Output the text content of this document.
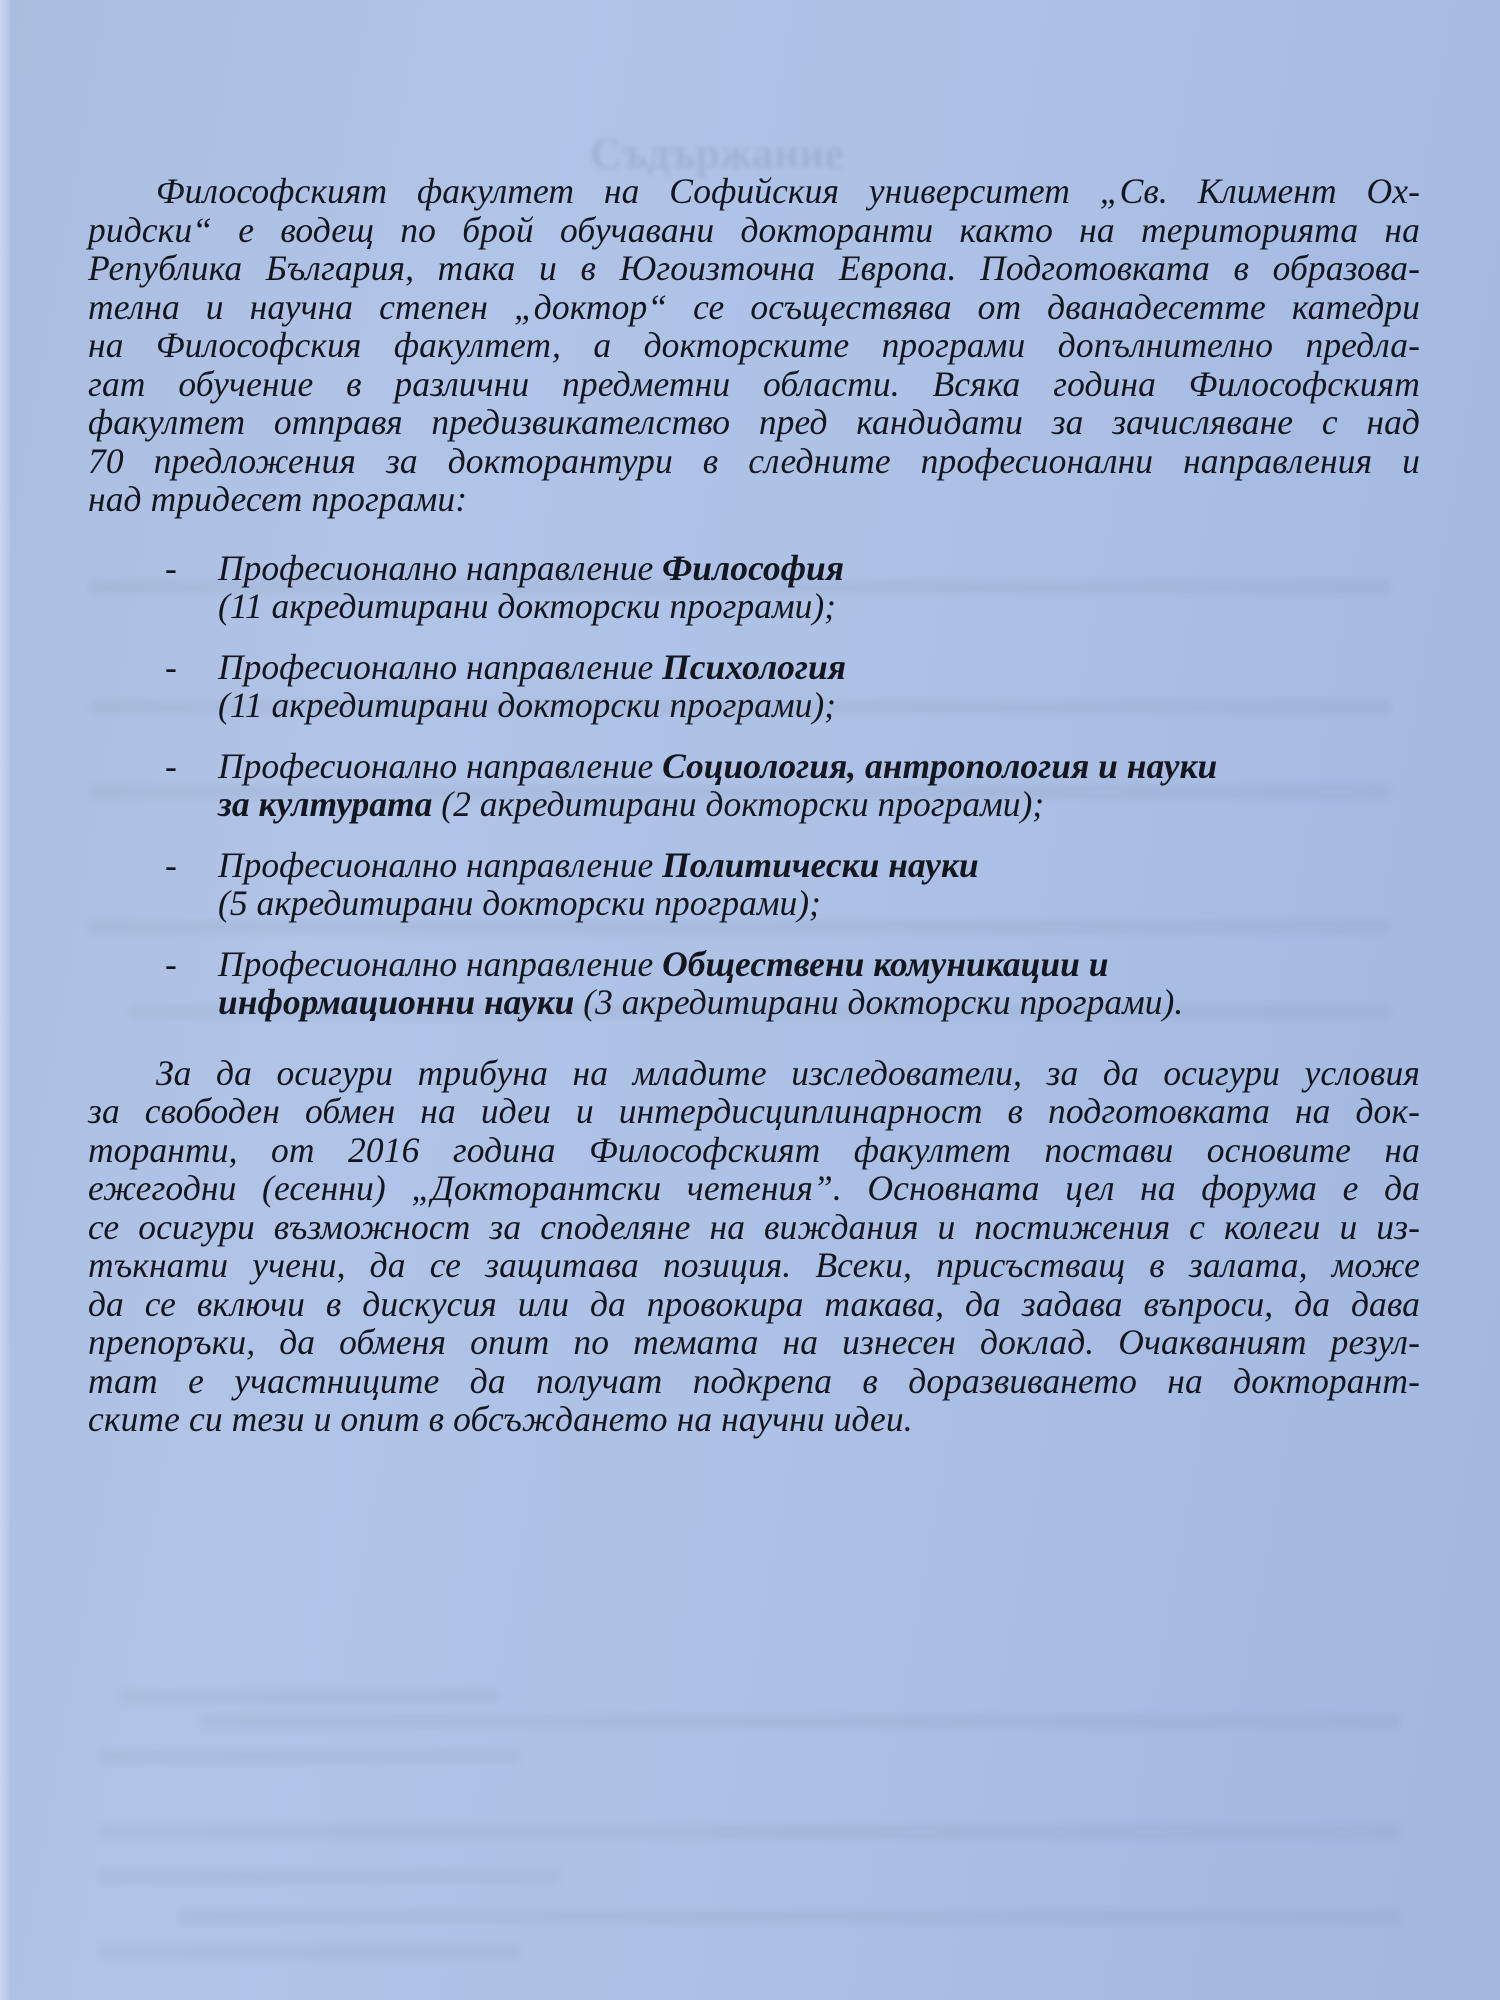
Съдържание

Философският факултет на Софийския университет „Св. Климент Ох-
ридски“ е водещ по брой обучавани докторанти както на територията на
Република България, така и в Югоизточна Европа. Подготовката в образова-
телна и научна степен „доктор“ се осъществява от дванадесетте катедри
на Философския факултет, а докторските програми допълнително предла-
гат обучение в различни предметни области. Всяка година Философският
факултет отправя предизвикателство пред кандидати за зачисляване с над
70 предложения за докторантури в следните професионални направления и
над тридесет програми:

- Професионално направление Философия
(11 акредитирани докторски програми);
- Професионално направление Психология
(11 акредитирани докторски програми);
- Професионално направление Социология, антропология и науки
за културата (2 акредитирани докторски програми);
- Професионално направление Политически науки
(5 акредитирани докторски програми);
- Професионално направление Обществени комуникации и
информационни науки (3 акредитирани докторски програми).

За да осигури трибуна на младите изследователи, за да осигури условия
за свободен обмен на идеи и интердисциплинарност в подготовката на док-
торанти, от 2016 година Философският факултет постави основите на
ежегодни (есенни) „Докторантски четения”. Основната цел на форума е да
се осигури възможност за споделяне на виждания и постижения с колеги и из-
тъкнати учени, да се защитава позиция. Всеки, присъстващ в залата, може
да се включи в дискусия или да провокира такава, да задава въпроси, да дава
препоръки, да обменя опит по темата на изнесен доклад. Очакваният резул-
тат е участниците да получат подкрепа в доразвиването на докторант-
ските си тези и опит в обсъждането на научни идеи.
